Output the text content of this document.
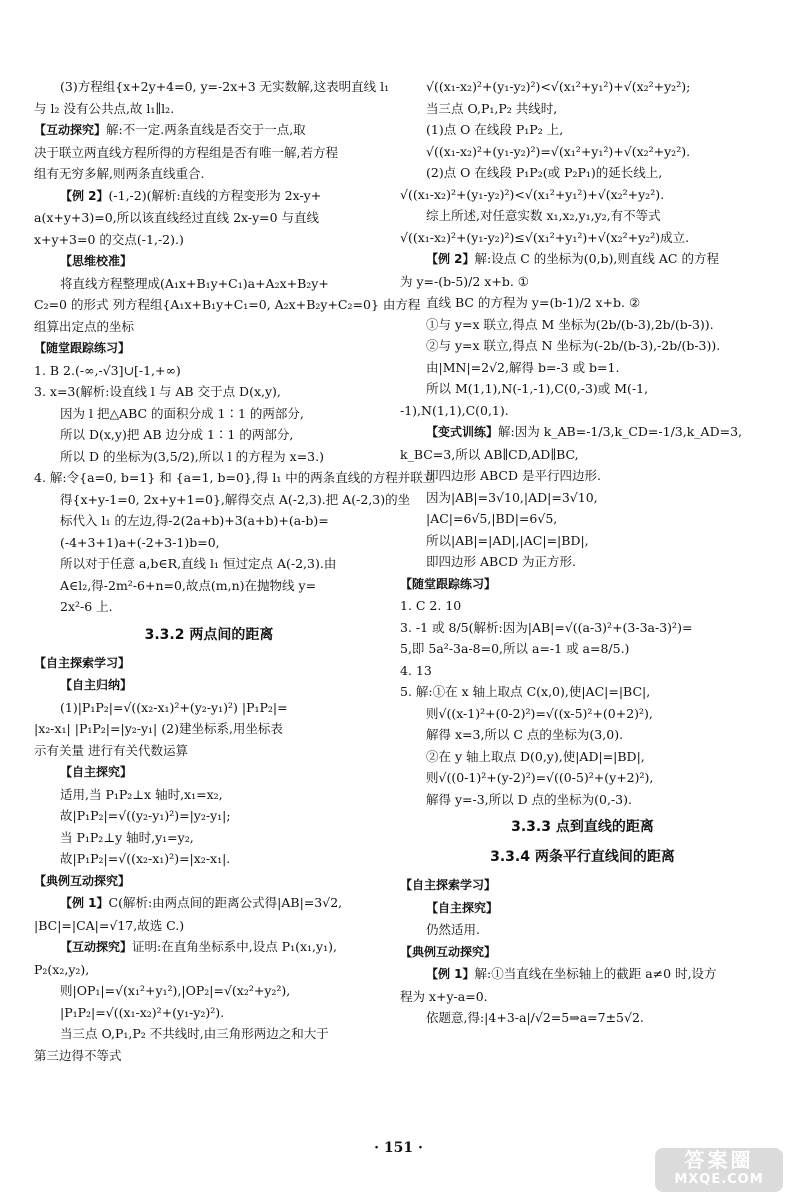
(3)方程组{x+2y+4=0, y=-2x+3 无实数解,这表明直线 l₁
与 l₂ 没有公共点,故 l₁∥l₂.
【互动探究】解:不一定.两条直线是否交于一点,取
决于联立两直线方程所得的方程组是否有唯一解,若方程
组有无穷多解,则两条直线重合.
【例 2】(-1,-2)(解析:直线的方程变形为 2x-y+
a(x+y+3)=0,所以该直线经过直线 2x-y=0 与直线
x+y+3=0 的交点(-1,-2).)
【思维校准】
将直线方程整理成(A₁x+B₁y+C₁)a+A₂x+B₂y+
C₂=0 的形式 列方程组{A₁x+B₁y+C₁=0, A₂x+B₂y+C₂=0} 由方程
组算出定点的坐标
【随堂跟踪练习】
1. B 2.(-∞,-√3]∪[-1,+∞)
3. x=3(解析:设直线 l 与 AB 交于点 D(x,y),
因为 l 把△ABC 的面积分成 1∶1 的两部分,
所以 D(x,y)把 AB 边分成 1∶1 的两部分,
所以 D 的坐标为(3,5/2),所以 l 的方程为 x=3.)
4. 解:令{a=0, b=1} 和 {a=1, b=0},得 l₁ 中的两条直线的方程并联立
得{x+y-1=0, 2x+y+1=0},解得交点 A(-2,3).把 A(-2,3)的坐
标代入 l₁ 的左边,得-2(2a+b)+3(a+b)+(a-b)=
(-4+3+1)a+(-2+3-1)b=0,
所以对于任意 a,b∈R,直线 l₁ 恒过定点 A(-2,3).由
A∈l₂,得-2m²-6+n=0,故点(m,n)在抛物线 y=
2x²-6 上.
3.3.2 两点间的距离
【自主探索学习】
【自主归纳】
(1)|P₁P₂|=√((x₂-x₁)²+(y₂-y₁)²) |P₁P₂|=
|x₂-x₁| |P₁P₂|=|y₂-y₁| (2)建坐标系,用坐标表
示有关量 进行有关代数运算
【自主探究】
适用,当 P₁P₂⊥x 轴时,x₁=x₂,
故|P₁P₂|=√((y₂-y₁)²)=|y₂-y₁|;
当 P₁P₂⊥y 轴时,y₁=y₂,
故|P₁P₂|=√((x₂-x₁)²)=|x₂-x₁|.
【典例互动探究】
【例 1】C(解析:由两点间的距离公式得|AB|=3√2,
|BC|=|CA|=√17,故选 C.)
【互动探究】证明:在直角坐标系中,设点 P₁(x₁,y₁),
P₂(x₂,y₂),
则|OP₁|=√(x₁²+y₁²),|OP₂|=√(x₂²+y₂²),
|P₁P₂|=√((x₁-x₂)²+(y₁-y₂)²).
当三点 O,P₁,P₂ 不共线时,由三角形两边之和大于
第三边得不等式
√((x₁-x₂)²+(y₁-y₂)²)<√(x₁²+y₁²)+√(x₂²+y₂²);
当三点 O,P₁,P₂ 共线时,
(1)点 O 在线段 P₁P₂ 上,
√((x₁-x₂)²+(y₁-y₂)²)=√(x₁²+y₁²)+√(x₂²+y₂²).
(2)点 O 在线段 P₁P₂(或 P₂P₁)的延长线上,
√((x₁-x₂)²+(y₁-y₂)²)<√(x₁²+y₁²)+√(x₂²+y₂²).
综上所述,对任意实数 x₁,x₂,y₁,y₂,有不等式
√((x₁-x₂)²+(y₁-y₂)²)≤√(x₁²+y₁²)+√(x₂²+y₂²)成立.
【例 2】解:设点 C 的坐标为(0,b),则直线 AC 的方程
为 y=-(b-5)/2 x+b. ①
直线 BC 的方程为 y=(b-1)/2 x+b. ②
①与 y=x 联立,得点 M 坐标为(2b/(b-3),2b/(b-3)).
②与 y=x 联立,得点 N 坐标为(-2b/(b-3),-2b/(b-3)).
由|MN|=2√2,解得 b=-3 或 b=1.
所以 M(1,1),N(-1,-1),C(0,-3)或 M(-1,
-1),N(1,1),C(0,1).
【变式训练】解:因为 k_AB=-1/3,k_CD=-1/3,k_AD=3,
k_BC=3,所以 AB∥CD,AD∥BC,
即四边形 ABCD 是平行四边形.
因为|AB|=3√10,|AD|=3√10,
|AC|=6√5,|BD|=6√5,
所以|AB|=|AD|,|AC|=|BD|,
即四边形 ABCD 为正方形.
【随堂跟踪练习】
1. C 2. 10
3. -1 或 8/5(解析:因为|AB|=√((a-3)²+(3-3a-3)²)=
5,即 5a²-3a-8=0,所以 a=-1 或 a=8/5.)
4. 13
5. 解:①在 x 轴上取点 C(x,0),使|AC|=|BC|,
则√((x-1)²+(0-2)²)=√((x-5)²+(0+2)²),
解得 x=3,所以 C 点的坐标为(3,0).
②在 y 轴上取点 D(0,y),使|AD|=|BD|,
则√((0-1)²+(y-2)²)=√((0-5)²+(y+2)²),
解得 y=-3,所以 D 点的坐标为(0,-3).
3.3.3 点到直线的距离
3.3.4 两条平行直线间的距离
【自主探索学习】
【自主探究】
仍然适用.
【典例互动探究】
【例 1】解:①当直线在坐标轴上的截距 a≠0 时,设方
程为 x+y-a=0.
依题意,得:|4+3-a|/√2=5⇒a=7±5√2.
· 151 ·	答案圈
MXQE.COM
